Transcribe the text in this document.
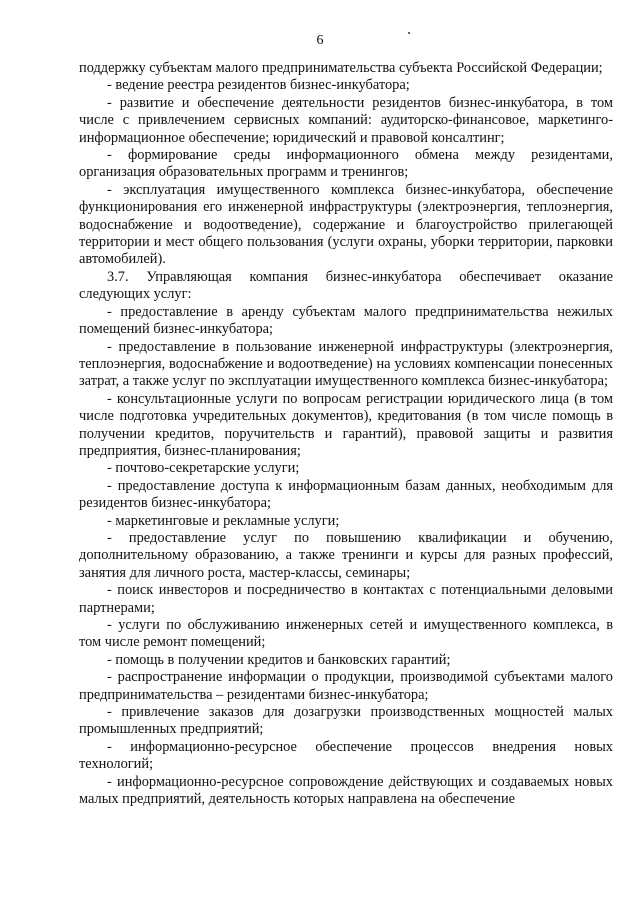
6

поддержку субъектам малого предпринимательства субъекта Российской Федерации;

- ведение реестра резидентов бизнес-инкубатора;

- развитие и обеспечение деятельности резидентов бизнес-инкубатора, в том числе с привлечением сервисных компаний: аудиторско-финансовое, маркетинго-информационное обеспечение; юридический и правовой консалтинг;

- формирование среды информационного обмена между резидентами, организация образовательных программ и тренингов;

- эксплуатация имущественного комплекса бизнес-инкубатора, обеспечение функционирования его инженерной инфраструктуры (электроэнергия, теплоэнергия, водоснабжение и водоотведение), содержание и благоустройство прилегающей территории и мест общего пользования (услуги охраны, уборки территории, парковки автомобилей).

3.7. Управляющая компания бизнес-инкубатора обеспечивает оказание следующих услуг:

- предоставление в аренду субъектам малого предпринимательства нежилых помещений бизнес-инкубатора;

- предоставление в пользование инженерной инфраструктуры (электроэнергия, теплоэнергия, водоснабжение и водоотведение) на условиях компенсации понесенных затрат, а также услуг по эксплуатации имущественного комплекса бизнес-инкубатора;

- консультационные услуги по вопросам регистрации юридического лица (в том числе подготовка учредительных документов), кредитования (в том числе помощь в получении кредитов, поручительств и гарантий), правовой защиты и развития предприятия, бизнес-планирования;

- почтово-секретарские услуги;

- предоставление доступа к информационным базам данных, необходимым для резидентов бизнес-инкубатора;

- маркетинговые и рекламные услуги;

- предоставление услуг по повышению квалификации и обучению, дополнительному образованию, а также тренинги и курсы для разных профессий, занятия для личного роста, мастер-классы, семинары;

- поиск инвесторов и посредничество в контактах с потенциальными деловыми партнерами;

- услуги по обслуживанию инженерных сетей и имущественного комплекса, в том числе ремонт помещений;

- помощь в получении кредитов и банковских гарантий;

- распространение информации о продукции, производимой субъектами малого предпринимательства – резидентами бизнес-инкубатора;

- привлечение заказов для дозагрузки производственных мощностей малых промышленных предприятий;

- информационно-ресурсное обеспечение процессов внедрения новых технологий;

- информационно-ресурсное сопровождение действующих и создаваемых новых малых предприятий, деятельность которых направлена на обеспечение
